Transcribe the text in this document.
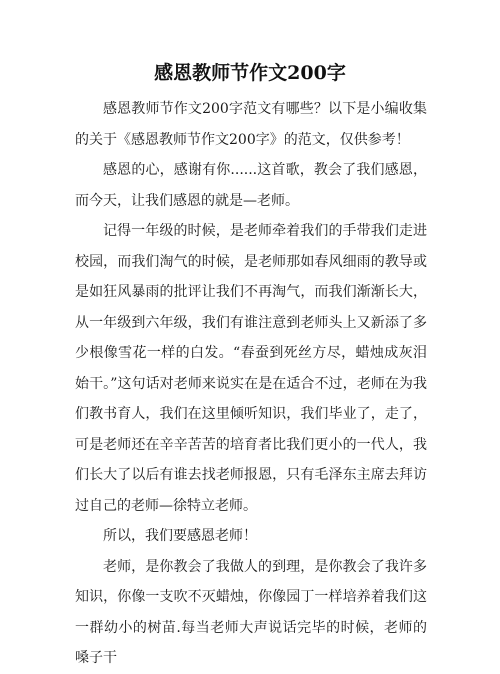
感恩教师节作文200字

感恩教师节作文200字范文有哪些？以下是小编收集的关于《感恩教师节作文200字》的范文，仅供参考！

感恩的心，感谢有你......这首歌，教会了我们感恩，而今天，让我们感恩的就是—老师。

记得一年级的时候，是老师牵着我们的手带我们走进校园，而我们淘气的时候，是老师那如春风细雨的教导或是如狂风暴雨的批评让我们不再淘气，而我们渐渐长大，从一年级到六年级，我们有谁注意到老师头上又新添了多少根像雪花一样的白发。“春蚕到死丝方尽，蜡烛成灰泪始干。”这句话对老师来说实在是在适合不过，老师在为我们教书育人，我们在这里倾听知识，我们毕业了，走了，可是老师还在辛辛苦苦的培育者比我们更小的一代人，我们长大了以后有谁去找老师报恩，只有毛泽东主席去拜访过自己的老师—徐特立老师。

所以，我们要感恩老师！

老师，是你教会了我做人的到理，是你教会了我许多知识，你像一支吹不灭蜡烛，你像园丁一样培养着我们这一群幼小的树苗.每当老师大声说话完毕的时候，老师的嗓子干
